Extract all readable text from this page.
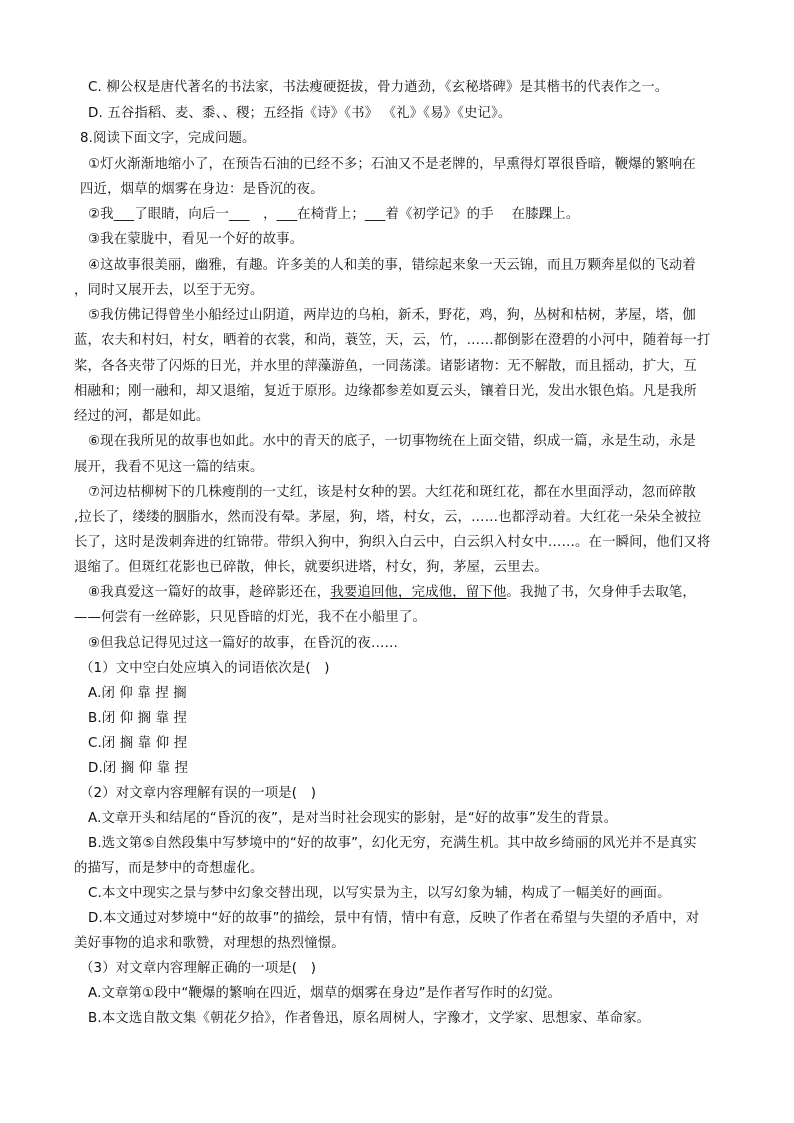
C. 柳公权是唐代著名的书法家，书法瘦硬挺拔，骨力遒劲，《玄秘塔碑》是其楷书的代表作之一。
D. 五谷指稻、麦、黍、、稷；五经指《诗》《书》 《礼》《易》《史记》。
8.阅读下面文字，完成问题。
①灯火渐渐地缩小了，在预告石油的已经不多；石油又不是老牌的，早熏得灯罩很昏暗，鞭爆的繁响在
四近，烟草的烟雾在身边：是昏沉的夜。
②我___了眼睛，向后一___　，___在椅背上；___着《初学记》的手　 在膝踝上。
③我在蒙胧中，看见一个好的故事。
④这故事很美丽，幽雅，有趣。许多美的人和美的事，错综起来象一天云锦，而且万颗奔星似的飞动着
，同时又展开去，以至于无穷。
⑤我仿佛记得曾坐小船经过山阴道，两岸边的乌桕，新禾，野花，鸡，狗，丛树和枯树，茅屋，塔，伽
蓝，农夫和村妇，村女，晒着的衣裳，和尚，蓑笠，天，云，竹，……都倒影在澄碧的小河中，随着每一打
桨，各各夹带了闪烁的日光，并水里的萍藻游鱼，一同荡漾。诸影诸物：无不解散，而且摇动，扩大，互
相融和；刚一融和，却又退缩，复近于原形。边缘都参差如夏云头，镶着日光，发出水银色焰。凡是我所
经过的河，都是如此。
⑥现在我所见的故事也如此。水中的青天的底子，一切事物统在上面交错，织成一篇，永是生动，永是
展开，我看不见这一篇的结束。
⑦河边枯柳树下的几株瘦削的一丈红，该是村女种的罢。大红花和斑红花，都在水里面浮动，忽而碎散
,拉长了，缕缕的胭脂水，然而没有晕。茅屋，狗，塔，村女，云，……也都浮动着。大红花一朵朵全被拉
长了，这时是泼刺奔进的红锦带。带织入狗中，狗织入白云中，白云织入村女中……。在一瞬间，他们又将
退缩了。但斑红花影也已碎散，伸长，就要织进塔，村女，狗，茅屋，云里去。
⑧我真爱这一篇好的故事，趁碎影还在，我要追回他，完成他，留下他。我抛了书，欠身伸手去取笔，
——何尝有一丝碎影，只见昏暗的灯光，我不在小船里了。
⑨但我总记得见过这一篇好的故事，在昏沉的夜……
（1）文中空白处应填入的词语依次是(　)
A.闭 仰 靠 捏 搁
B.闭 仰 搁 靠 捏
C.闭 搁 靠 仰 捏
D.闭 搁 仰 靠 捏
（2）对文章内容理解有误的一项是(　)
A.文章开头和结尾的“昏沉的夜”，是对当时社会现实的影射，是“好的故事”发生的背景。
B.选文第⑤自然段集中写梦境中的“好的故事”，幻化无穷，充满生机。其中故乡绮丽的风光并不是真实
的描写，而是梦中的奇想虚化。
C.本文中现实之景与梦中幻象交替出现，以写实景为主，以写幻象为辅，构成了一幅美好的画面。
D.本文通过对梦境中“好的故事”的描绘，景中有情，情中有意，反映了作者在希望与失望的矛盾中，对
美好事物的追求和歌赞，对理想的热烈憧憬。
（3）对文章内容理解正确的一项是(　)
A.文章第①段中“鞭爆的繁响在四近，烟草的烟雾在身边”是作者写作时的幻觉。
B.本文选自散文集《朝花夕拾》，作者鲁迅，原名周树人，字豫才，文学家、思想家、革命家。
